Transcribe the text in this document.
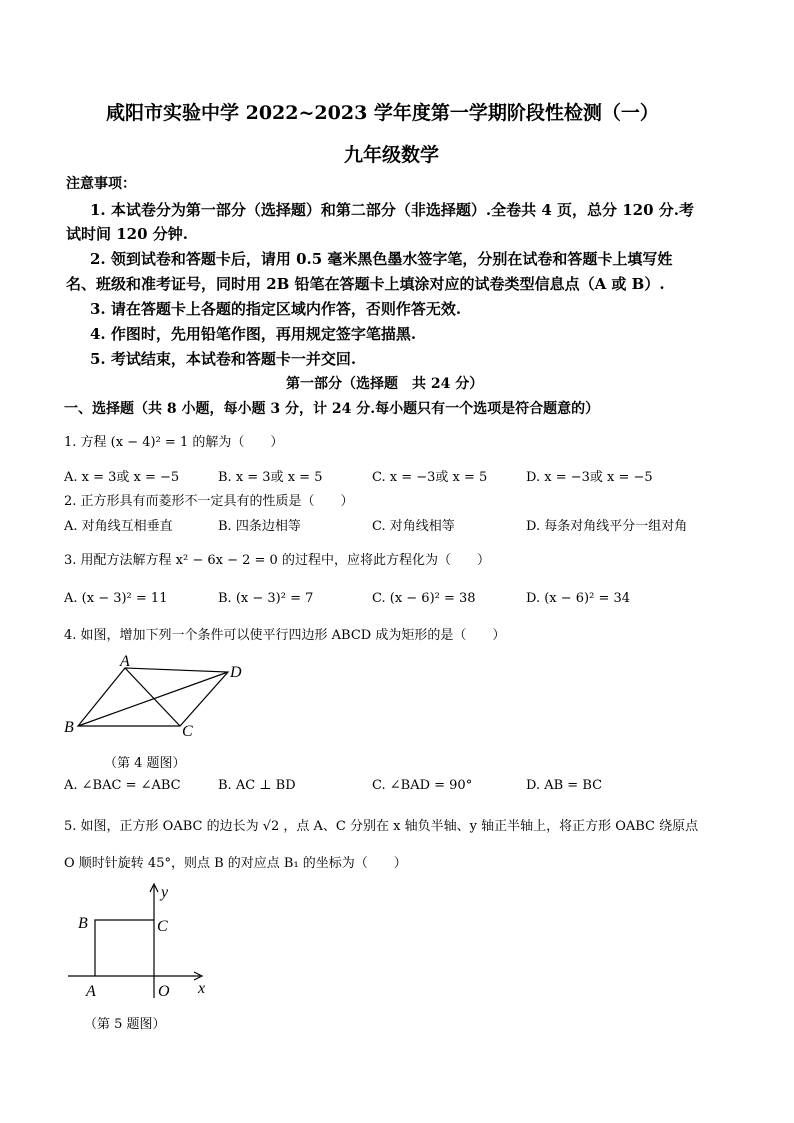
咸阳市实验中学 2022~2023 学年度第一学期阶段性检测（一）
九年级数学
注意事项：
1. 本试卷分为第一部分（选择题）和第二部分（非选择题）.全卷共 4 页，总分 120 分.考
试时间 120 分钟.
2. 领到试卷和答题卡后，请用 0.5 毫米黑色墨水签字笔，分别在试卷和答题卡上填写姓
名、班级和准考证号，同时用 2B 铅笔在答题卡上填涂对应的试卷类型信息点（A 或 B）.
3. 请在答题卡上各题的指定区域内作答，否则作答无效.
4. 作图时，先用铅笔作图，再用规定签字笔描黑.
5. 考试结束，本试卷和答题卡一并交回.
第一部分（选择题　共 24 分）
一、选择题（共 8 小题，每小题 3 分，计 24 分.每小题只有一个选项是符合题意的）
1. 方程 (x − 4)² = 1 的解为（　　）
A. x = 3或 x = −5	B. x = 3或 x = 5	C. x = −3或 x = 5	D. x = −3或 x = −5
2. 正方形具有而菱形不一定具有的性质是（　　）
A. 对角线互相垂直	B. 四条边相等	C. 对角线相等	D. 每条对角线平分一组对角
3. 用配方法解方程 x² − 6x − 2 = 0 的过程中，应将此方程化为（　　）
A. (x − 3)² = 11	B. (x − 3)² = 7	C. (x − 6)² = 38	D. (x − 6)² = 34
4. 如图，增加下列一个条件可以使平行四边形 ABCD 成为矩形的是（　　）
A
D
B	C
（第 4 题图）
A. ∠BAC = ∠ABC	B. AC ⊥ BD	C. ∠BAD = 90°	D. AB = BC
5. 如图，正方形 OABC 的边长为 √2 ，点 A、C 分别在 x 轴负半轴、y 轴正半轴上，将正方形 OABC 绕原点
O 顺时针旋转 45°，则点 B 的对应点 B₁ 的坐标为（　　）
y
B	C
A	O x
（第 5 题图）
